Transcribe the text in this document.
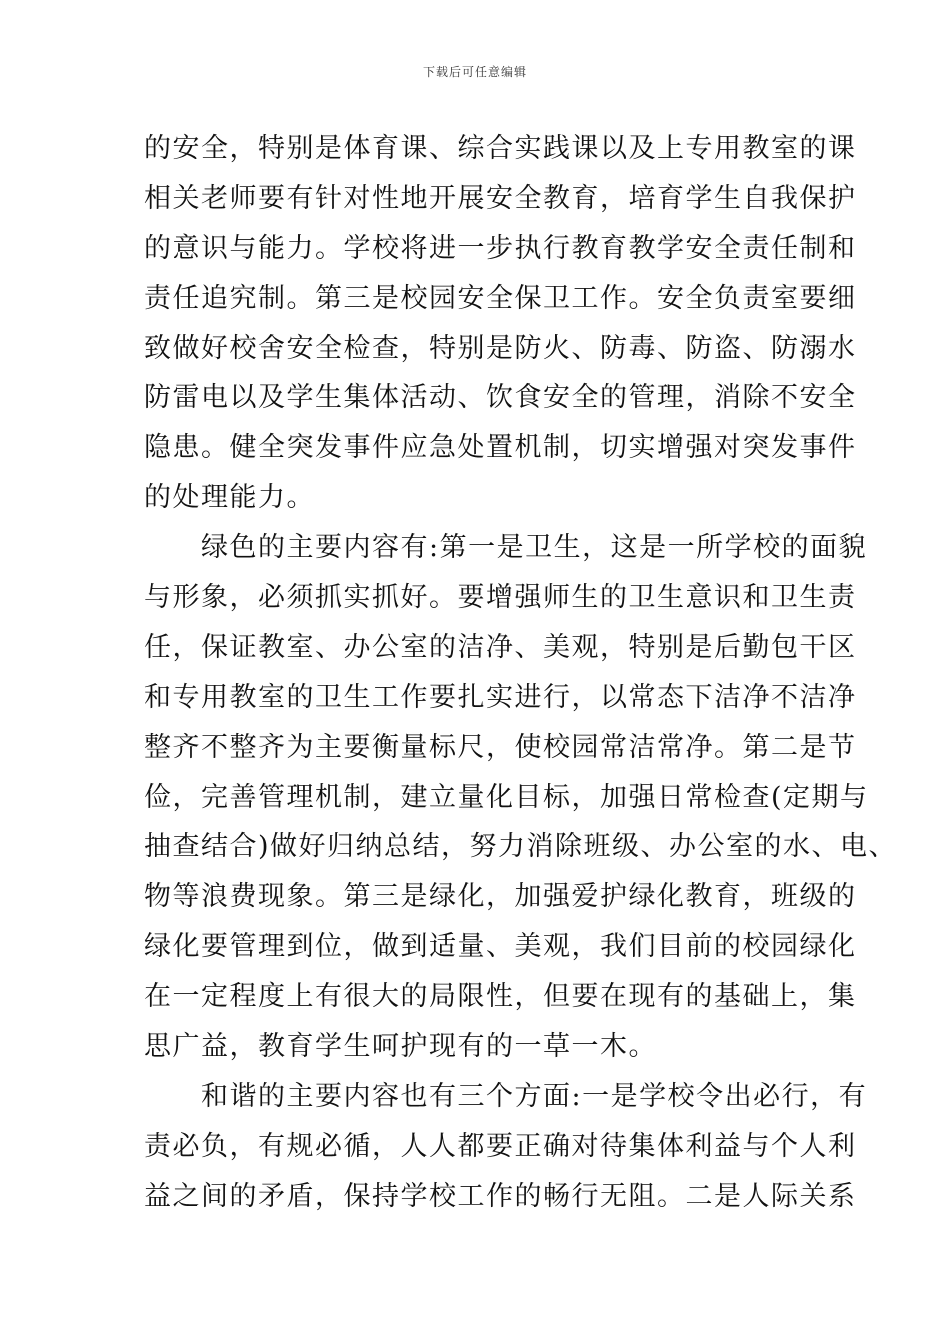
下载后可任意编辑
的安全，特别是体育课、综合实践课以及上专用教室的课
相关老师要有针对性地开展安全教育，培育学生自我保护
的意识与能力。学校将进一步执行教育教学安全责任制和
责任追究制。第三是校园安全保卫工作。安全负责室要细
致做好校舍安全检查，特别是防火、防毒、防盗、防溺水
防雷电以及学生集体活动、饮食安全的管理，消除不安全
隐患。健全突发事件应急处置机制，切实增强对突发事件
的处理能力。
　　绿色的主要内容有:第一是卫生，这是一所学校的面貌
与形象，必须抓实抓好。要增强师生的卫生意识和卫生责
任，保证教室、办公室的洁净、美观，特别是后勤包干区
和专用教室的卫生工作要扎实进行，以常态下洁净不洁净
整齐不整齐为主要衡量标尺，使校园常洁常净。第二是节
俭，完善管理机制，建立量化目标，加强日常检查(定期与
抽查结合)做好归纳总结，努力消除班级、办公室的水、电、
物等浪费现象。第三是绿化，加强爱护绿化教育，班级的
绿化要管理到位，做到适量、美观，我们目前的校园绿化
在一定程度上有很大的局限性，但要在现有的基础上，集
思广益，教育学生呵护现有的一草一木。
　　和谐的主要内容也有三个方面:一是学校令出必行，有
责必负，有规必循，人人都要正确对待集体利益与个人利
益之间的矛盾，保持学校工作的畅行无阻。二是人际关系
